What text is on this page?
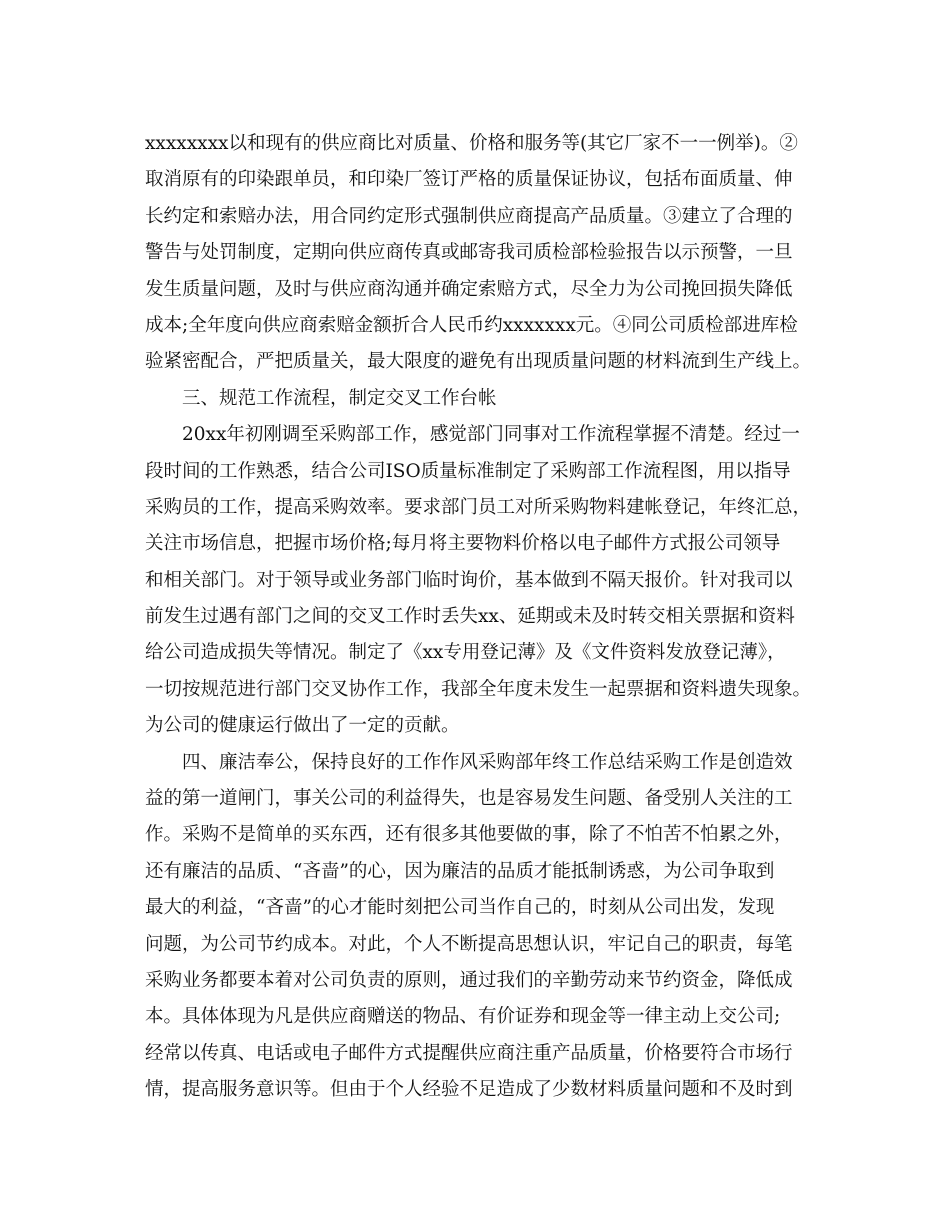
xxxxxxxx以和现有的供应商比对质量、价格和服务等(其它厂家不一一例举)。②
取消原有的印染跟单员，和印染厂签订严格的质量保证协议，包括布面质量、伸
长约定和索赔办法，用合同约定形式强制供应商提高产品质量。③建立了合理的
警告与处罚制度，定期向供应商传真或邮寄我司质检部检验报告以示预警，一旦
发生质量问题，及时与供应商沟通并确定索赔方式，尽全力为公司挽回损失降低
成本;全年度向供应商索赔金额折合人民币约xxxxxxx元。④同公司质检部进库检
验紧密配合，严把质量关，最大限度的避免有出现质量问题的材料流到生产线上。
三、规范工作流程，制定交叉工作台帐
20xx年初刚调至采购部工作，感觉部门同事对工作流程掌握不清楚。经过一
段时间的工作熟悉，结合公司ISO质量标准制定了采购部工作流程图，用以指导
采购员的工作，提高采购效率。要求部门员工对所采购物料建帐登记，年终汇总，
关注市场信息，把握市场价格;每月将主要物料价格以电子邮件方式报公司领导
和相关部门。对于领导或业务部门临时询价，基本做到不隔天报价。针对我司以
前发生过遇有部门之间的交叉工作时丢失xx、延期或未及时转交相关票据和资料
给公司造成损失等情况。制定了《xx专用登记薄》及《文件资料发放登记薄》，
一切按规范进行部门交叉协作工作，我部全年度未发生一起票据和资料遗失现象。
为公司的健康运行做出了一定的贡献。
四、廉洁奉公，保持良好的工作作风采购部年终工作总结采购工作是创造效
益的第一道闸门，事关公司的利益得失，也是容易发生问题、备受别人关注的工
作。采购不是简单的买东西，还有很多其他要做的事，除了不怕苦不怕累之外，
还有廉洁的品质、“吝啬”的心，因为廉洁的品质才能抵制诱惑，为公司争取到
最大的利益，“吝啬”的心才能时刻把公司当作自己的，时刻从公司出发，发现
问题，为公司节约成本。对此，个人不断提高思想认识，牢记自己的职责，每笔
采购业务都要本着对公司负责的原则，通过我们的辛勤劳动来节约资金，降低成
本。具体体现为凡是供应商赠送的物品、有价证券和现金等一律主动上交公司;
经常以传真、电话或电子邮件方式提醒供应商注重产品质量，价格要符合市场行
情，提高服务意识等。但由于个人经验不足造成了少数材料质量问题和不及时到
